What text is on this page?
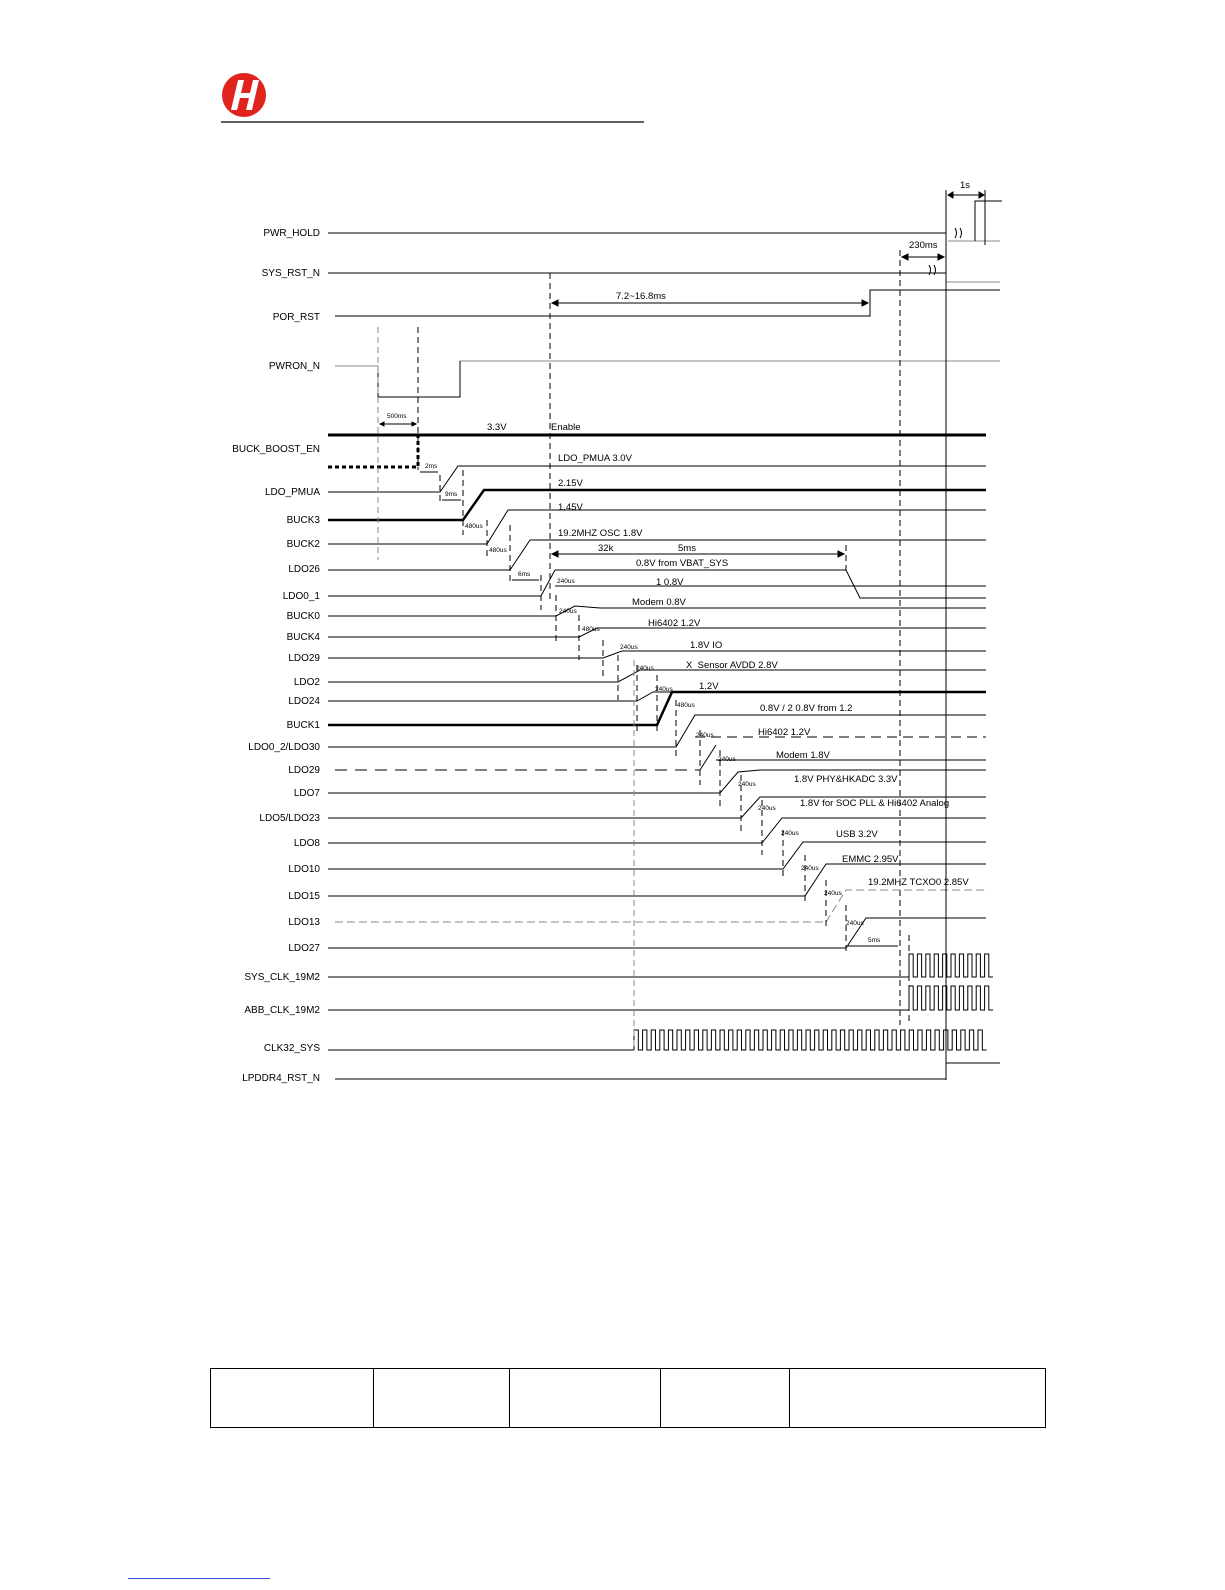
PWR_HOLD
SYS_RST_N
POR_RST
PWRON_N
BUCK_BOOST_EN
LDO_PMUA
BUCK3
BUCK2
LDO26
LDO0_1
BUCK0
BUCK4
LDO29
LDO2
LDO24
BUCK1
LDO0_2/LDO30
LDO29
LDO7
LDO5/LDO23
LDO8
LDO10
LDO15
LDO13
LDO27
SYS_CLK_19M2
ABB_CLK_19M2
CLK32_SYS
LPDDR4_RST_N
1s
230ms
7.2~16.8ms
500ms
3.3V	Enable
2ms
LDO_PMUA 3.0V
9ms
2.15V
1.45V
480us
19.2MHZ OSC 1.8V
480us	32k	5ms
0.8V from VBAT_SYS
6ms
240us	1 0.8V
Modem 0.8V
240us
Hi6402 1.2V
480us
1.8V IO
240us
X_Sensor AVDD 2.8V
240us
1.2V
240us
480us	0.8V / 2 0.8V from 1.2
240us	Hi6402 1.2V
240us	Modem 1.8V
240us	1.8V PHY&HKADC 3.3V
240us	1.8V for SOC PLL & Hi6402 Analog
240us	USB 3.2V
240us
EMMC 2.95V
240us
19.2MHZ TCXO0 2.85V
240us
5ms
